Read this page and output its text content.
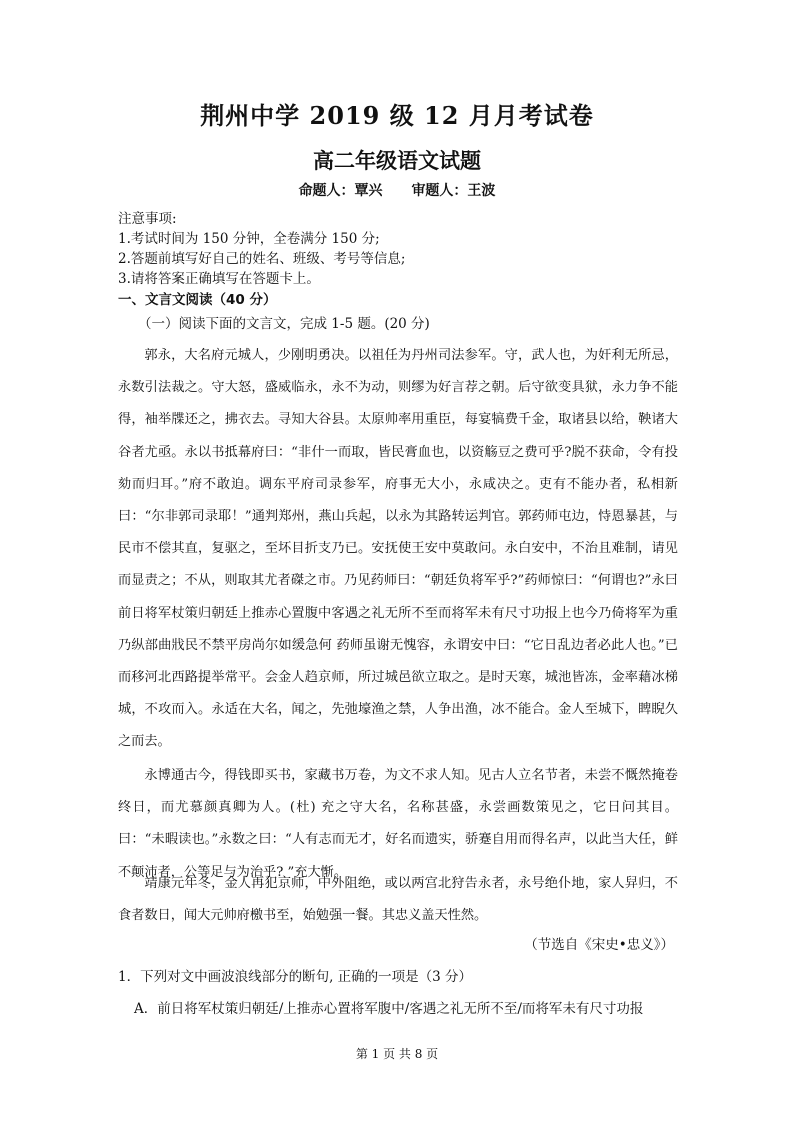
荆州中学 2019 级 12 月月考试卷
高二年级语文试题
命题人：覃兴 审题人：王波
注意事项:
1.考试时间为 150 分钟，全卷满分 150 分;
2.答题前填写好自己的姓名、班级、考号等信息;
3.请将答案正确填写在答题卡上。
一、文言文阅读（40 分）
（一）阅读下面的文言文，完成 1-5 题。(20 分)
郭永，大名府元城人，少刚明勇决。以祖任为丹州司法参军。守，武人也，为奸利无所忌，永数引法裁之。守大怒，盛威临永，永不为动，则缪为好言荐之朝。后守欲变具狱，永力争不能得，袖举牒还之，拂衣去。寻知大谷县。太原帅率用重臣，每宴犒费千金，取诸县以给，鞅诸大谷者尤亟。永以书抵幕府曰：“非什一而取，皆民膏血也，以资觞豆之费可乎?脱不获命，令有投劾而归耳。”府不敢迫。调东平府司录参军，府事无大小，永咸决之。吏有不能办者，私相新曰：“尔非郭司录耶！”通判郑州，燕山兵起，以永为其路转运判官。郭药师屯边，恃恩暴甚，与民市不偿其直，复驱之，至坏目折支乃已。安抚使王安中莫敢问。永白安中，不治且难制，请见而显责之；不从，则取其尤者磔之市。乃见药师曰：“朝廷负将军乎?”药师惊曰：“何谓也?”永曰 前日将军杖策归朝廷上推赤心置腹中客遇之礼无所不至而将军未有尺寸功报上也今乃倚将军为重乃纵部曲戕民不禁平房尚尔如缓急何 药师虽谢无愧容，永谓安中曰：“它日乱边者必此人也。”已而移河北西路提举常平。会金人趋京师，所过城邑欲立取之。是时天寒，城池皆冻，金率藉冰梯城，不攻而入。永适在大名，闻之，先弛壕渔之禁，人争出渔，冰不能合。金人至城下，睥睨久之而去。
永博通古今，得钱即买书，家藏书万卷，为文不求人知。见古人立名节者，未尝不慨然掩卷终日，而尤慕颜真卿为人。(杜) 充之守大名，名称甚盛，永尝画数策见之，它日问其目。曰：“未暇读也。”永数之曰：“人有志而无才，好名而遗实，骄蹇自用而得名声，以此当大任，鲜不颠沛者，公等足与为治乎? ”充大惭。
靖康元年冬，金人再犯京师，中外阻绝，或以两宫北狩告永者，永号绝仆地，家人舁归，不食者数日，闻大元帅府檄书至，始勉强一餐。其忠义盖天性然。
（节选自《宋史•忠义》）
1．下列对文中画波浪线部分的断句, 正确的一项是（3 分）
A．前日将军杖策归朝廷/上推赤心置将军腹中/客遇之礼无所不至/而将军未有尺寸功报
第 1 页 共 8 页
